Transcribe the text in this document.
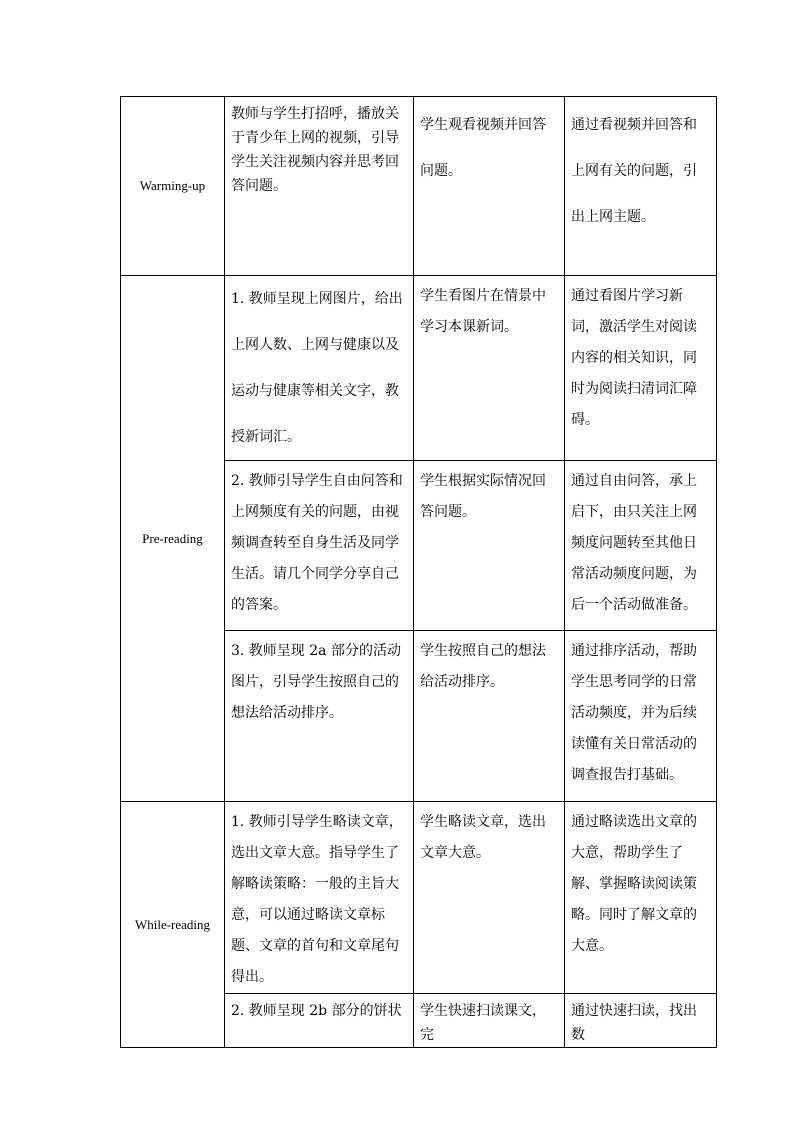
Warming-up	教师与学生打招呼，播放关于青少年上网的视频，引导学生关注视频内容并思考回答问题。	学生观看视频并回答问题。	通过看视频并回答和上网有关的问题，引出上网主题。
Pre-reading	1. 教师呈现上网图片，给出上网人数、上网与健康以及运动与健康等相关文字，教授新词汇。	学生看图片在情景中学习本课新词。	通过看图片学习新词，激活学生对阅读内容的相关知识，同时为阅读扫清词汇障碍。
	2. 教师引导学生自由问答和上网频度有关的问题，由视频调查转至自身生活及同学生活。请几个同学分享自己的答案。	学生根据实际情况回答问题。	通过自由问答，承上启下，由只关注上网频度问题转至其他日常活动频度问题，为后一个活动做准备。
	3. 教师呈现 2a 部分的活动图片，引导学生按照自己的想法给活动排序。	学生按照自己的想法给活动排序。	通过排序活动，帮助学生思考同学的日常活动频度，并为后续读懂有关日常活动的调查报告打基础。
While-reading	1. 教师引导学生略读文章，选出文章大意。指导学生了解略读策略：一般的主旨大意，可以通过略读文章标题、文章的首句和文章尾句得出。	学生略读文章，选出文章大意。	通过略读选出文章的大意，帮助学生了解、掌握略读阅读策略。同时了解文章的大意。
	2. 教师呈现 2b 部分的饼状	学生快速扫读课文，完	通过快速扫读，找出数
